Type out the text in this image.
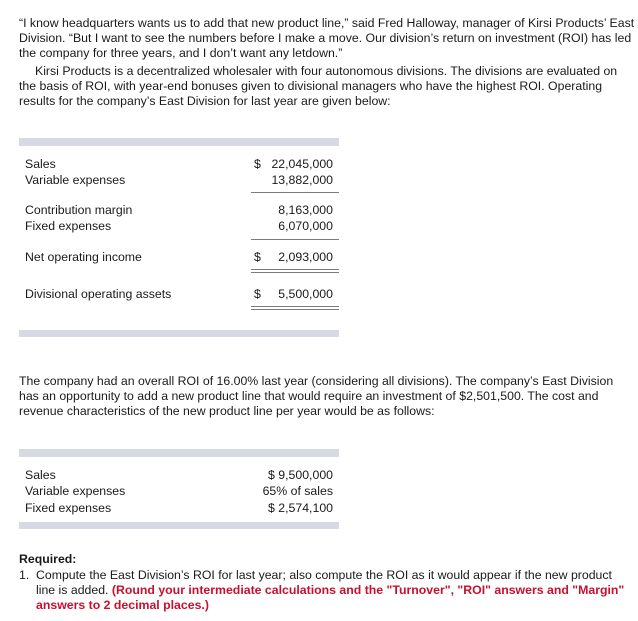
“I know headquarters wants us to add that new product line,” said Fred Halloway, manager of Kirsi Products’ East Division. “But I want to see the numbers before I make a move. Our division’s return on investment (ROI) has led the company for three years, and I don’t want any letdown.”

Kirsi Products is a decentralized wholesaler with four autonomous divisions. The divisions are evaluated on the basis of ROI, with year-end bonuses given to divisional managers who have the highest ROI. Operating results for the company’s East Division for last year are given below:

Sales	$ 22,045,000
Variable expenses	13,882,000
Contribution margin	8,163,000
Fixed expenses	6,070,000
Net operating income	$ 2,093,000
Divisional operating assets	$ 5,500,000

The company had an overall ROI of 16.00% last year (considering all divisions). The company’s East Division has an opportunity to add a new product line that would require an investment of $2,501,500. The cost and revenue characteristics of the new product line per year would be as follows:

Sales	$ 9,500,000
Variable expenses	65% of sales
Fixed expenses	$ 2,574,100

Required:

1. Compute the East Division’s ROI for last year; also compute the ROI as it would appear if the new product line is added. (Round your intermediate calculations and the "Turnover", "ROI" answers and "Margin" answers to 2 decimal places.)
